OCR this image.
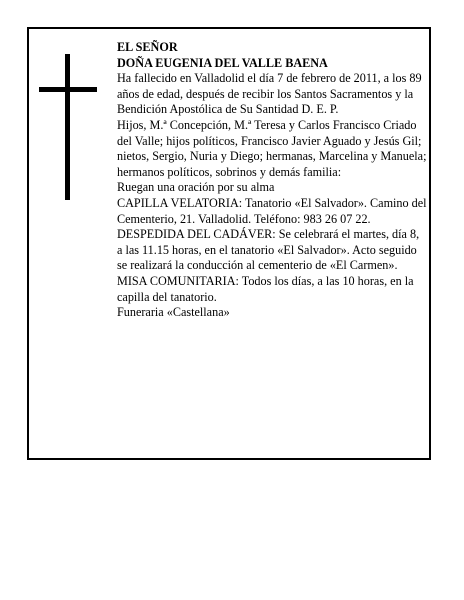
EL SEÑOR

DOÑA EUGENIA DEL VALLE BAENA

Ha fallecido en Valladolid el día 7 de febrero de 2011, a los 89 años de edad, después de recibir los Santos Sacramentos y la Bendición Apostólica de Su Santidad D. E. P.

Hijos, M.ª Concepción, M.ª Teresa y Carlos Francisco Criado del Valle; hijos políticos, Francisco Javier Aguado y Jesús Gil; nietos, Sergio, Nuria y Diego; hermanas, Marcelina y Manuela; hermanos políticos, sobrinos y demás familia:

Ruegan una oración por su alma

CAPILLA VELATORIA: Tanatorio «El Salvador». Camino del Cementerio, 21. Valladolid. Teléfono: 983 26 07 22.

DESPEDIDA DEL CADÁVER: Se celebrará el martes, día 8, a las 11.15 horas, en el tanatorio «El Salvador». Acto seguido se realizará la conducción al cementerio de «El Carmen».

MISA COMUNITARIA: Todos los días, a las 10 horas, en la capilla del tanatorio.

Funeraria «Castellana»
